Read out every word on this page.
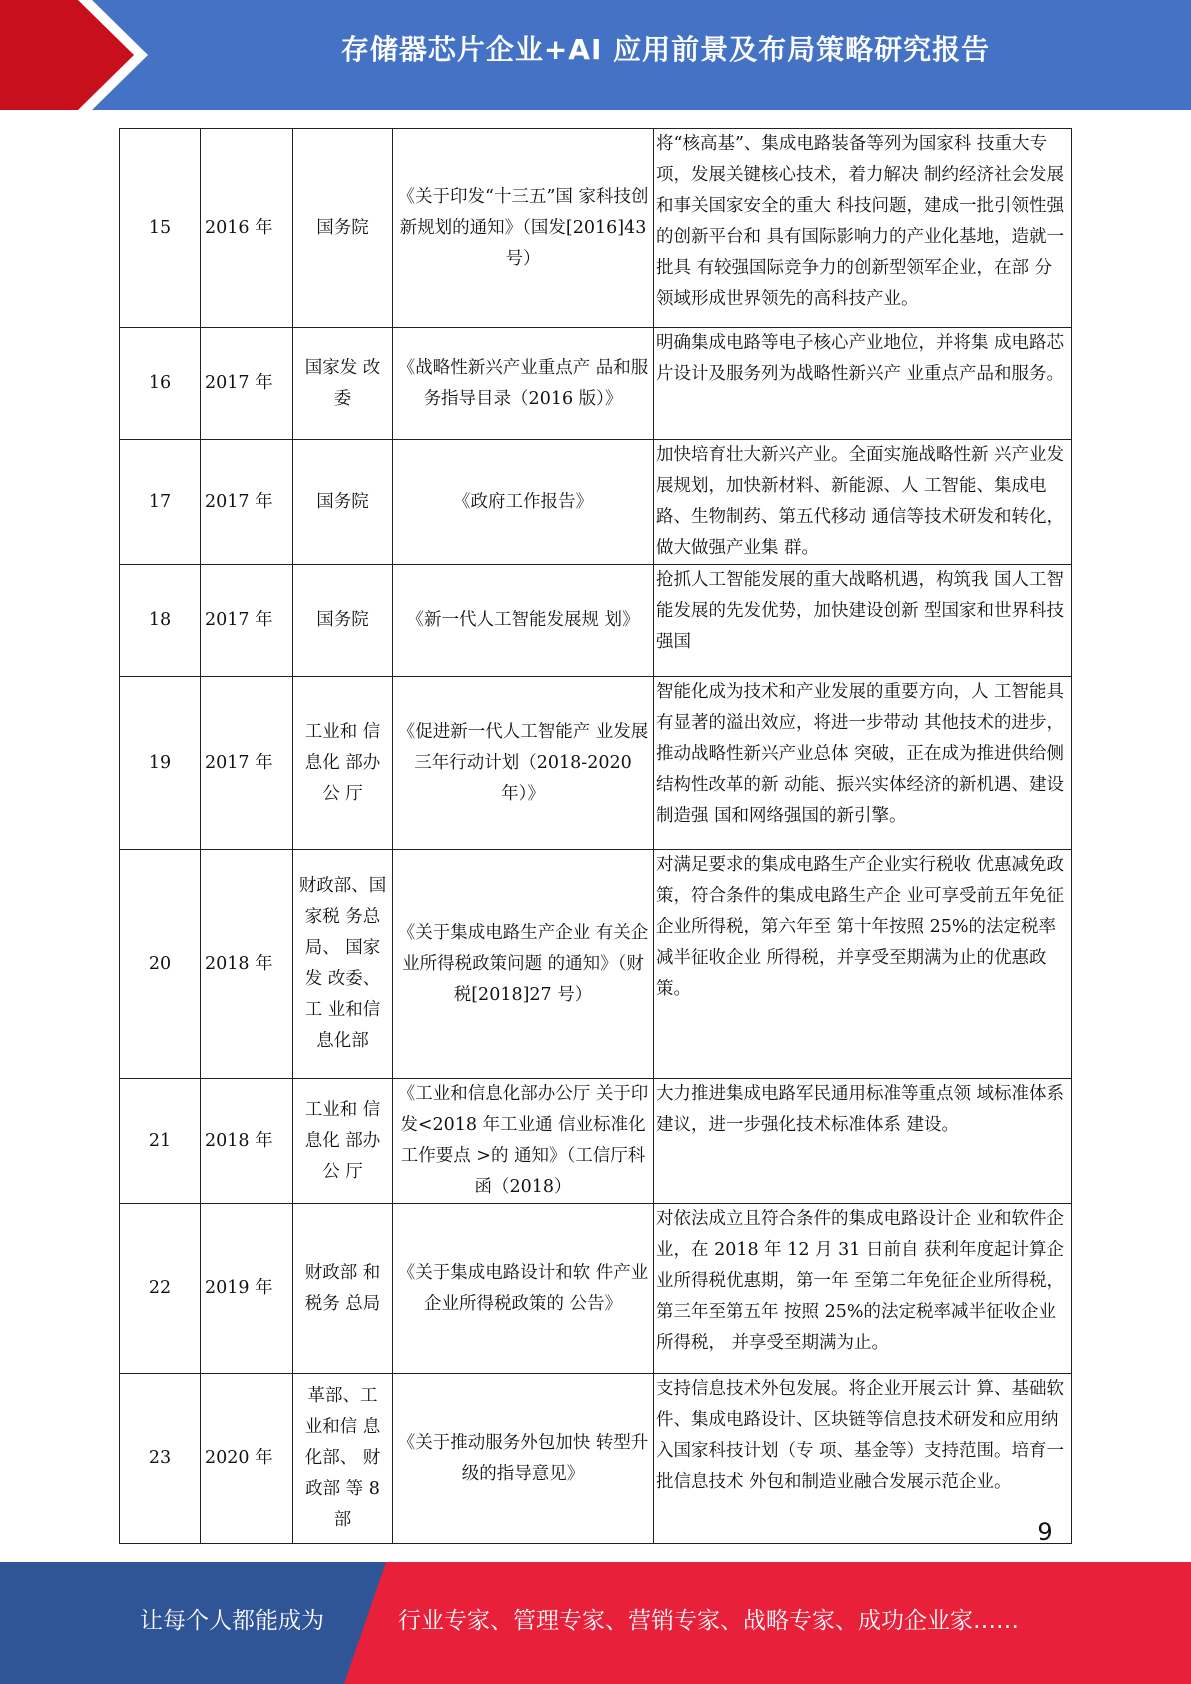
存储器芯片企业+AI 应用前景及布局策略研究报告
15	2016 年	国务院	《关于印发“十三五”国 家科技创新规划的通知》（国发[2016]43 号）	将“核高基”、集成电路装备等列为国家科 技重大专项，发展关键核心技术，着力解决 制约经济社会发展和事关国家安全的重大 科技问题，建成一批引领性强的创新平台和 具有国际影响力的产业化基地，造就一批具 有较强国际竞争力的创新型领军企业，在部 分领域形成世界领先的高科技产业。
16	2017 年	国家发 改委	《战略性新兴产业重点产 品和服务指导目录（2016 版）》	明确集成电路等电子核心产业地位，并将集 成电路芯片设计及服务列为战略性新兴产 业重点产品和服务。
17	2017 年	国务院	《政府工作报告》	加快培育壮大新兴产业。全面实施战略性新 兴产业发展规划，加快新材料、新能源、人 工智能、集成电路、生物制药、第五代移动 通信等技术研发和转化，做大做强产业集 群。
18	2017 年	国务院	《新一代人工智能发展规 划》	抢抓人工智能发展的重大战略机遇，构筑我 国人工智能发展的先发优势，加快建设创新 型国家和世界科技强国
19	2017 年	工业和 信息化 部办公 厅	《促进新一代人工智能产 业发展三年行动计划（2018-2020 年）》	智能化成为技术和产业发展的重要方向，人 工智能具有显著的溢出效应，将进一步带动 其他技术的进步，推动战略性新兴产业总体 突破，正在成为推进供给侧结构性改革的新 动能、振兴实体经济的新机遇、建设制造强 国和网络强国的新引擎。
20	2018 年	财政部、国家税 务总局、 国家发 改委、工 业和信 息化部	《关于集成电路生产企业 有关企业所得税政策问题 的通知》（财税[2018]27 号）	对满足要求的集成电路生产企业实行税收 优惠减免政策，符合条件的集成电路生产企 业可享受前五年免征企业所得税，第六年至 第十年按照 25%的法定税率减半征收企业 所得税，并享受至期满为止的优惠政策。
21	2018 年	工业和 信息化 部办公 厅	《工业和信息化部办公厅 关于印发<2018 年工业通 信业标准化工作要点 >的 通知》（工信厅科函（2018）	大力推进集成电路军民通用标准等重点领 域标准体系建议，进一步强化技术标准体系 建设。
22	2019 年	财政部 和税务 总局	《关于集成电路设计和软 件产业企业所得税政策的 公告》	对依法成立且符合条件的集成电路设计企 业和软件企业，在 2018 年 12 月 31 日前自 获利年度起计算企业所得税优惠期，第一年 至第二年免征企业所得税，第三年至第五年 按照 25%的法定税率减半征收企业所得税， 并享受至期满为止。
23	2020 年	革部、工 业和信 息化部、 财政部 等 8 部	《关于推动服务外包加快 转型升级的指导意见》	支持信息技术外包发展。将企业开展云计 算、基础软件、集成电路设计、区块链等信息技术研发和应用纳入国家科技计划（专 项、基金等）支持范围。培育一批信息技术 外包和制造业融合发展示范企业。
9
让每个人都能成为	行业专家、管理专家、营销专家、战略专家、成功企业家……
